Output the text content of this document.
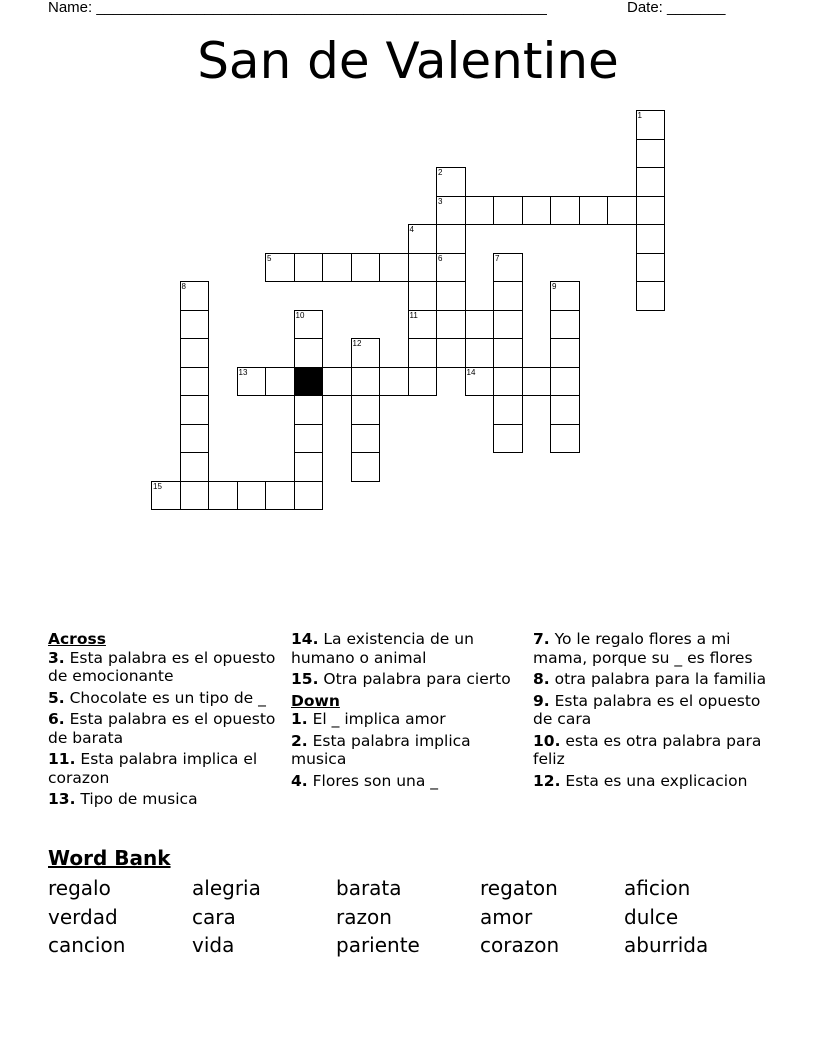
Name: ______________________________________________________	Date: _______
San de Valentine
1
2
3
4
5	6	7
8	9
10	11
12
13	14
15
Across
3. Esta palabra es el opuesto de emocionante
5. Chocolate es un tipo de _
6. Esta palabra es el opuesto de barata
11. Esta palabra implica el corazon
13. Tipo de musica
14. La existencia de un humano o animal
15. Otra palabra para cierto
Down
1. El _ implica amor
2. Esta palabra implica musica
4. Flores son una _
7. Yo le regalo flores a mi mama, porque su _ es flores
8. otra palabra para la familia
9. Esta palabra es el opuesto de cara
10. esta es otra palabra para feliz
12. Esta es una explicacion
Word Bank
regalo	alegria	barata	regaton	aficion
verdad	cara	razon	amor	dulce
cancion	vida	pariente	corazon	aburrida
